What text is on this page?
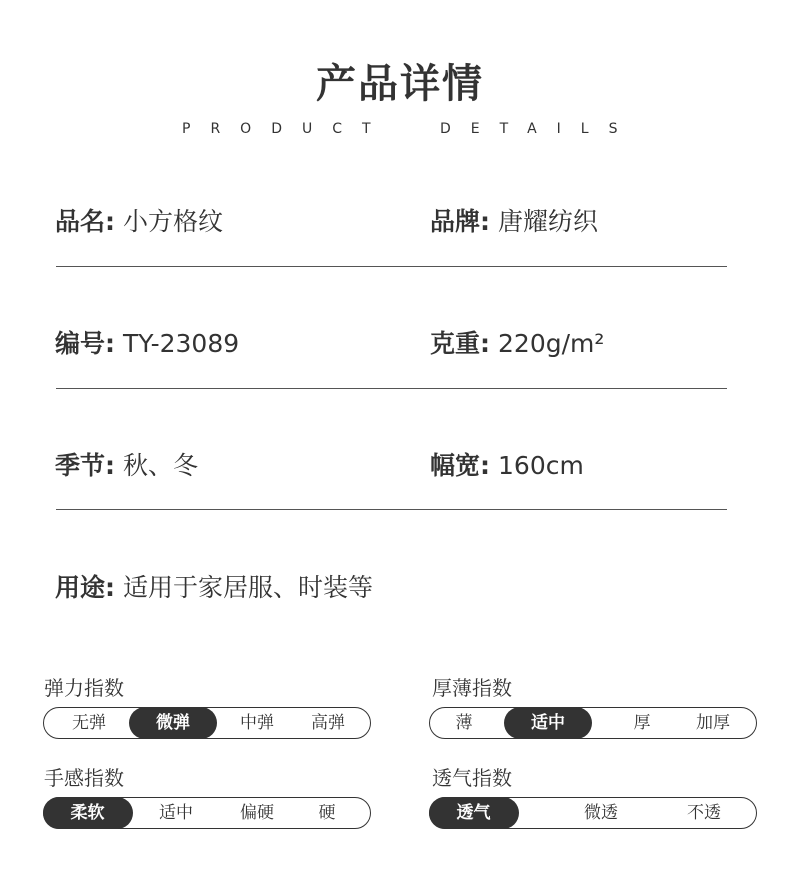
产品详情
PRODUCT	DETAILS
品名: 小方格纹	品牌: 唐耀纺织
编号: TY-23089	克重: 220g/m²
季节: 秋、冬	幅宽: 160cm
用途: 适用于家居服、时装等
弹力指数
无弹	微弹	中弹	高弹
厚薄指数
薄	适中	厚	加厚
手感指数
柔软	适中	偏硬	硬
透气指数
透气	微透	不透
